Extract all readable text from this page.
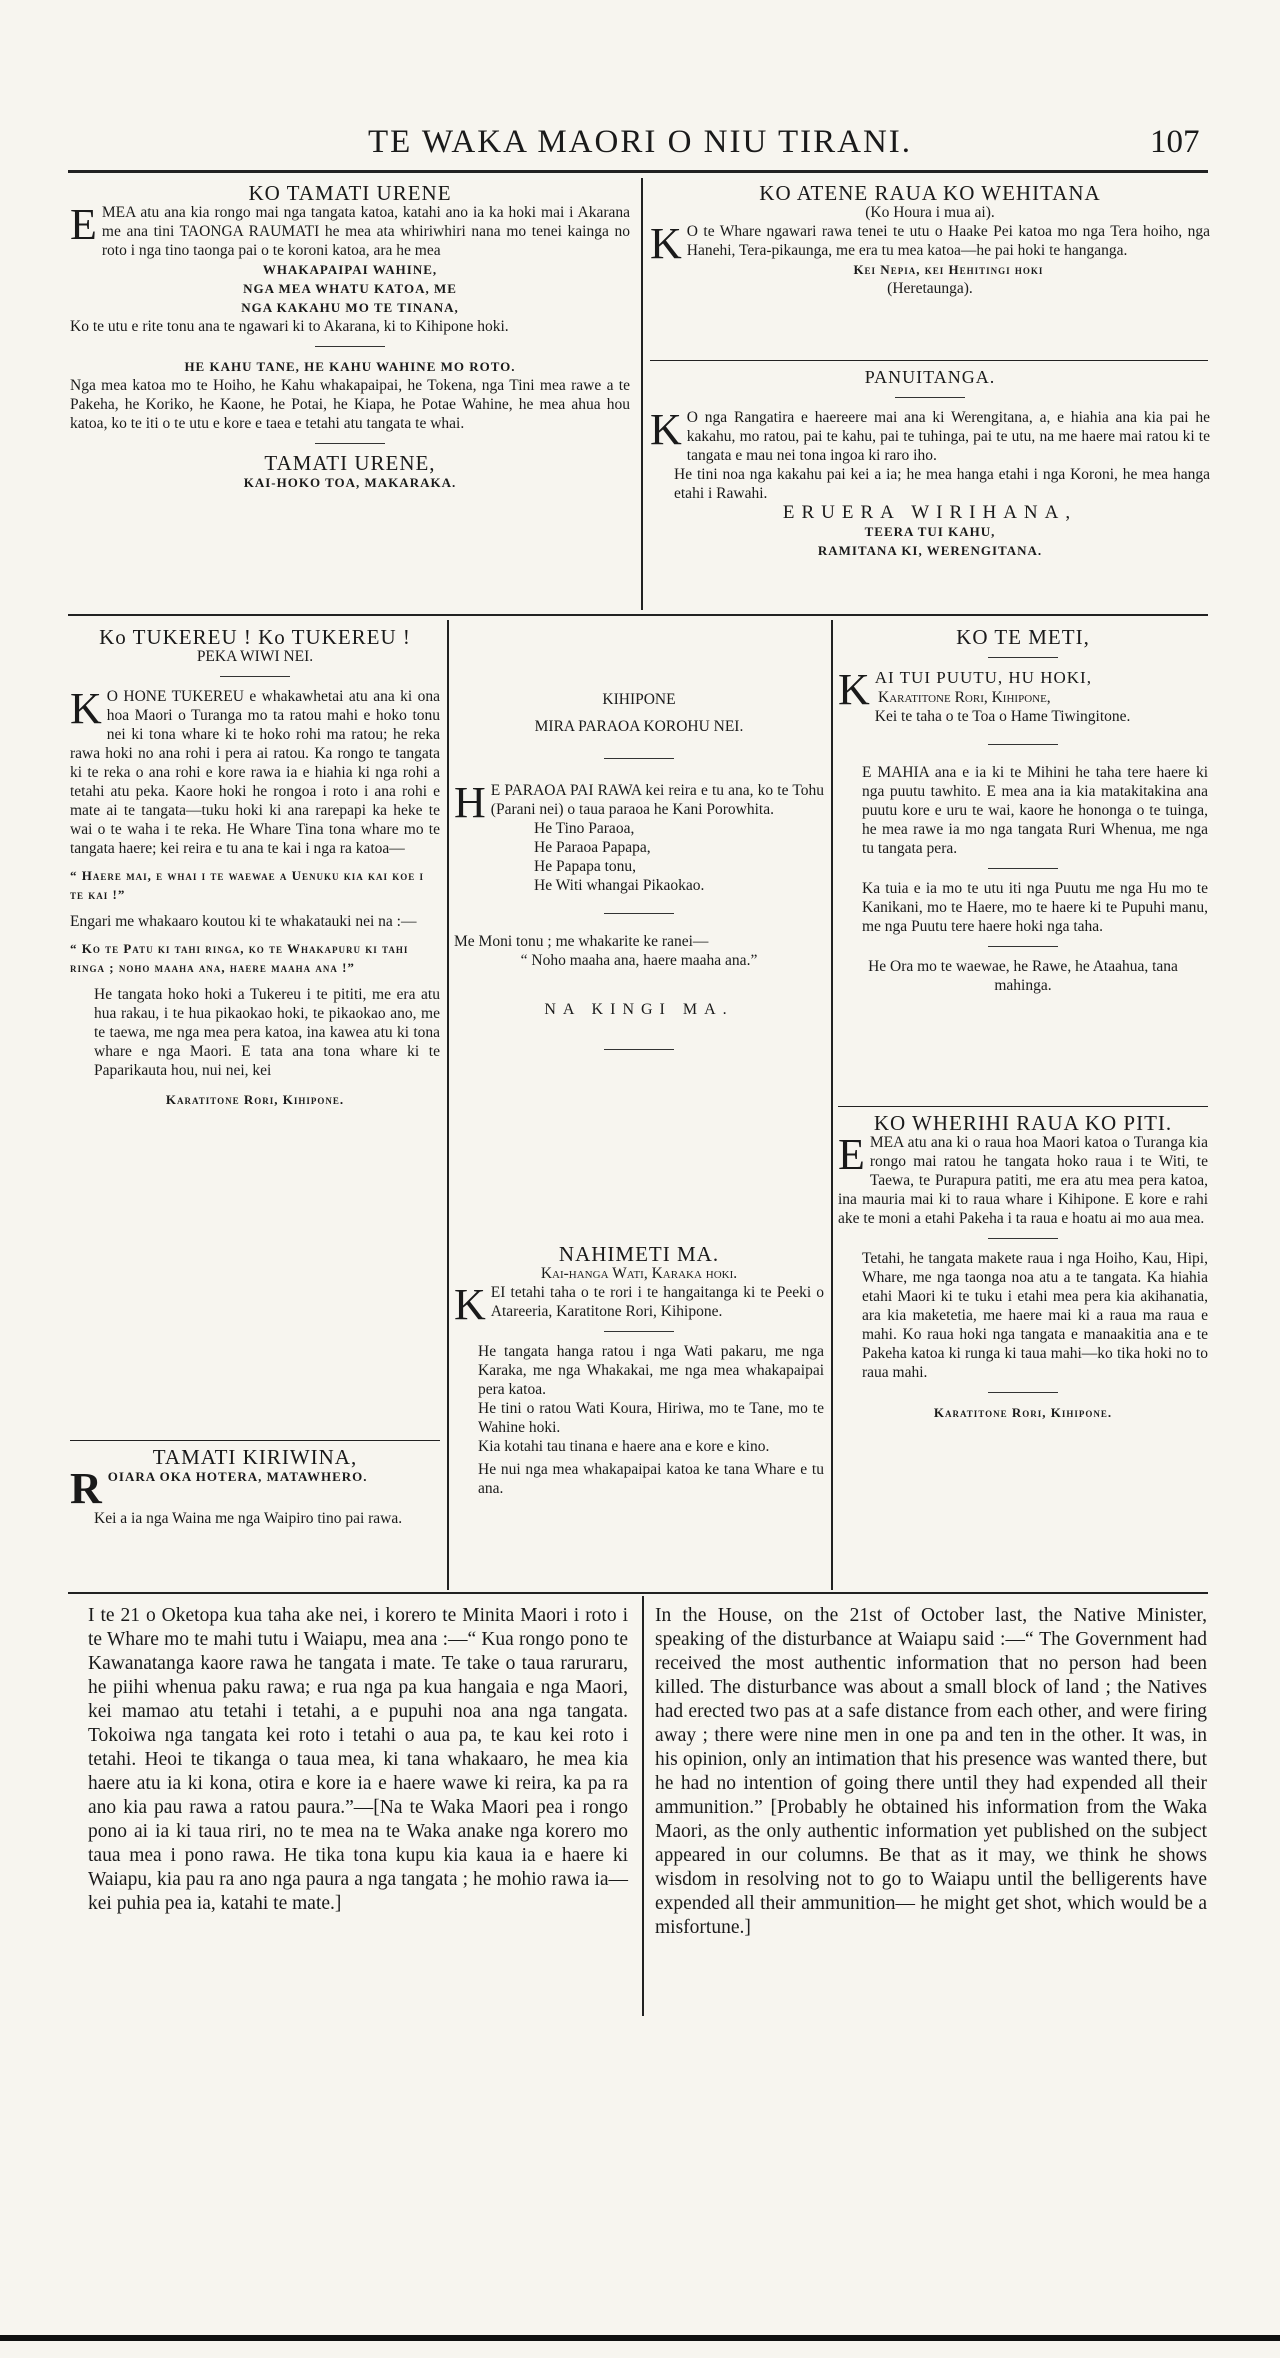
TE WAKA MAORI O NIU TIRANI.	107
KO TAMATI URENE

EMEA atu ana kia rongo mai nga tangata katoa, katahi ano ia ka hoki mai i Akarana me ana tini TAONGA RAUMATI he mea ata whiriwhiri nana mo tenei kainga no roto i nga tino taonga pai o te koroni katoa, ara he mea

WHAKAPAIPAI WAHINE,
NGA MEA WHATU KATOA, ME
NGA KAKAHU MO TE TINANA,

Ko te utu e rite tonu ana te ngawari ki to Akarana, ki to Kihipone hoki.

HE KAHU TANE, HE KAHU WAHINE MO ROTO.

Nga mea katoa mo te Hoiho, he Kahu whakapaipai, he Tokena, nga Tini mea rawe a te Pakeha, he Koriko, he Kaone, he Potai, he Kiapa, he Potae Wahine, he mea ahua hou katoa, ko te iti o te utu e kore e taea e tetahi atu tangata te whai.

TAMATI URENE,
KAI-HOKO TOA, MAKARAKA.
KO ATENE RAUA KO WEHITANA
(Ko Houra i mua ai).

K O te Whare ngawari rawa tenei te utu o Haake Pei katoa mo nga Tera hoiho, nga Hanehi, Tera-pikaunga, me era tu mea katoa—he pai hoki te hanganga.

Kei Nepia, kei Hehitingi hoki
(Heretaunga).
PANUITANGA.

K O nga Rangatira e haereere mai ana ki Werengitana, a, e hiahia ana kia pai he kakahu, mo ratou, pai te kahu, pai te tuhinga, pai te utu, na me haere mai ratou ki te tangata e mau nei tona ingoa ki raro iho.

He tini noa nga kakahu pai kei a ia; he mea hanga etahi i nga Koroni, he mea hanga etahi i Rawahi.

ERUERA WIRIHANA,
TEERA TUI KAHU,
RAMITANA KI, WERENGITANA.
Ko TUKEREU ! Ko TUKEREU !
PEKA WIWI NEI.

K O HONE TUKEREU e whakawhetai atu ana ki ona hoa Maori o Turanga mo ta ratou mahi e hoko tonu nei ki tona whare ki te hoko rohi ma ratou; he reka rawa hoki no ana rohi i pera ai ratou. Ka rongo te tangata ki te reka o ana rohi e kore rawa ia e hiahia ki nga rohi a tetahi atu peka. Kaore hoki he rongoa i roto i ana rohi e mate ai te tangata—tuku hoki ki ana rarepapi ka heke te wai o te waha i te reka. He Whare Tina tona whare mo te tangata haere; kei reira e tu ana te kai i nga ra katoa—

“ Haere mai, e whai i te waewae a Uenuku kia kai koe i te kai !”

Engari me whakaaro koutou ki te whakatauki nei na :—

“ Ko te Patu ki tahi ringa, ko te Whakapuru ki tahi ringa ; noho maaha ana, haere maaha ana !”

He tangata hoko hoki a Tukereu i te pititi, me era atu hua rakau, i te hua pikaokao hoki, te pikaokao ano, me te taewa, me nga mea pera katoa, ina kawea atu ki tona whare e nga Maori. E tata ana tona whare ki te Paparikauta hou, nui nei, kei

Karatitone Rori, Kihipone.
TAMATI KIRIWINA,

ROIARA OKA HOTERA, MATAWHERO.

Kei a ia nga Waina me nga Waipiro tino pai rawa.

KIHIPONE
MIRA PARAOA KOROHU NEI.

H E PARAOA PAI RAWA kei reira e tu ana, ko te Tohu (Parani nei) o taua paraoa he Kani Porowhita.

He Tino Paraoa,
He Paraoa Papapa,
He Papapa tonu,
He Witi whangai Pikaokao.

Me Moni tonu ; me whakarite ke ranei—

“ Noho maaha ana, haere maaha ana.”

NA KINGI MA.
NAHIMETI MA.
Kai-hanga Wati, Karaka hoki.

KEI tetahi taha o te rori i te hangaitanga ki te Peeki o Atareeria, Karatitone Rori, Kihipone.

He tangata hanga ratou i nga Wati pakaru, me nga Karaka, me nga Whakakai, me nga mea whakapaipai pera katoa.

He tini o ratou Wati Koura, Hiriwa, mo te Tane, mo te Wahine hoki.

Kia kotahi tau tinana e haere ana e kore e kino.

He nui nga mea whakapaipai katoa ke tana Whare e tu ana.

KO TE METI,

KAI TUI PUUTU, HU HOKI,

Karatitone Rori, Kihipone,
Kei te taha o te Toa o Hame Tiwingitone.

E MAHIA ana e ia ki te Mihini he taha tere haere ki nga puutu tawhito. E mea ana ia kia matakitakina ana puutu kore e uru te wai, kaore he hononga o te tuinga, he mea rawe ia mo nga tangata Ruri Whenua, me nga tu tangata pera.

Ka tuia e ia mo te utu iti nga Puutu me nga Hu mo te Kanikani, mo te Haere, mo te haere ki te Pupuhi manu, me nga Puutu tere haere hoki nga taha.

He Ora mo te waewae, he Rawe, he Ataahua, tana mahinga.

KO WHERIHI RAUA KO PITI.

EMEA atu ana ki o raua hoa Maori katoa o Turanga kia rongo mai ratou he tangata hoko raua i te Witi, te Taewa, te Purapura patiti, me era atu mea pera katoa, ina mauria mai ki to raua whare i Kihipone. E kore e rahi ake te moni a etahi Pakeha i ta raua e hoatu ai mo aua mea.

Tetahi, he tangata makete raua i nga Hoiho, Kau, Hipi, Whare, me nga taonga noa atu a te tangata. Ka hiahia etahi Maori ki te tuku i etahi mea pera kia akihanatia, ara kia maketetia, me haere mai ki a raua ma raua e mahi. Ko raua hoki nga tangata e manaakitia ana e te Pakeha katoa ki runga ki taua mahi—ko tika hoki no to raua mahi.

Karatitone Rori, Kihipone.
I te 21 o Oketopa kua taha ake nei, i korero te Minita Maori i roto i te Whare mo te mahi tutu i Waiapu, mea ana :—“ Kua rongo pono te Kawanatanga kaore rawa he tangata i mate. Te take o taua raruraru, he piihi whenua paku rawa; e rua nga pa kua hangaia e nga Maori, kei mamao atu tetahi i tetahi, a e pupuhi noa ana nga tangata. Tokoiwa nga tangata kei roto i tetahi o aua pa, te kau kei roto i tetahi. Heoi te tikanga o taua mea, ki tana whakaaro, he mea kia haere atu ia ki kona, otira e kore ia e haere wawe ki reira, ka pa ra ano kia pau rawa a ratou paura.”—[Na te Waka Maori pea i rongo pono ai ia ki taua riri, no te mea na te Waka anake nga korero mo taua mea i pono rawa. He tika tona kupu kia kaua ia e haere ki Waiapu, kia pau ra ano nga paura a nga tangata ; he mohio rawa ia—kei puhia pea ia, katahi te mate.]
In the House, on the 21st of October last, the Native Minister, speaking of the disturbance at Waiapu said :—“ The Government had received the most authentic information that no person had been killed. The disturbance was about a small block of land ; the Natives had erected two pas at a safe distance from each other, and were firing away ; there were nine men in one pa and ten in the other. It was, in his opinion, only an intimation that his presence was wanted there, but he had no intention of going there until they had expended all their ammunition.” [Probably he obtained his information from the Waka Maori, as the only authentic information yet published on the subject appeared in our columns. Be that as it may, we think he shows wisdom in resolving not to go to Waiapu until the belligerents have expended all their ammunition— he might get shot, which would be a misfortune.]
